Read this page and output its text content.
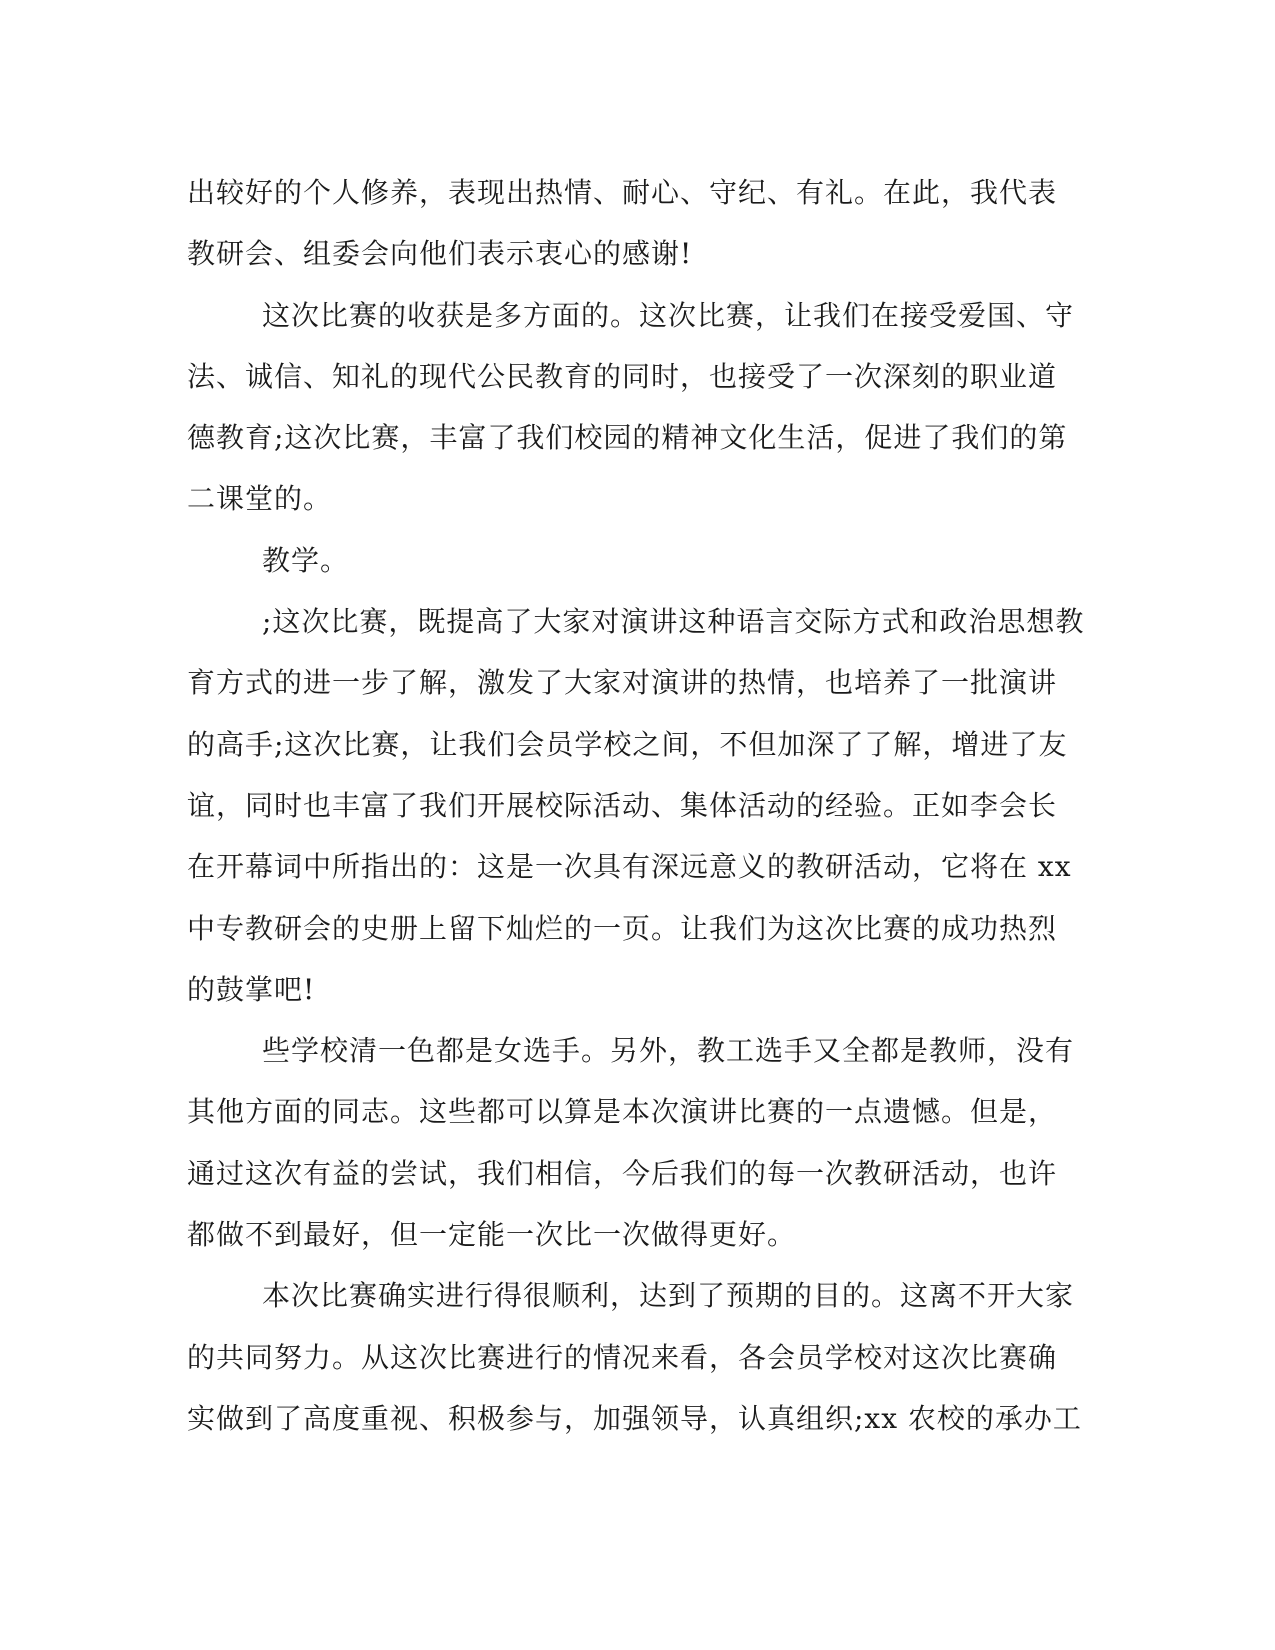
出较好的个人修养，表现出热情、耐心、守纪、有礼。在此，我代表
教研会、组委会向他们表示衷心的感谢!
这次比赛的收获是多方面的。这次比赛，让我们在接受爱国、守
法、诚信、知礼的现代公民教育的同时，也接受了一次深刻的职业道
德教育;这次比赛，丰富了我们校园的精神文化生活，促进了我们的第
二课堂的。
教学。
;这次比赛，既提高了大家对演讲这种语言交际方式和政治思想教
育方式的进一步了解，激发了大家对演讲的热情，也培养了一批演讲
的高手;这次比赛，让我们会员学校之间，不但加深了了解，增进了友
谊，同时也丰富了我们开展校际活动、集体活动的经验。正如李会长
在开幕词中所指出的：这是一次具有深远意义的教研活动，它将在 xx
中专教研会的史册上留下灿烂的一页。让我们为这次比赛的成功热烈
的鼓掌吧!
些学校清一色都是女选手。另外，教工选手又全都是教师，没有
其他方面的同志。这些都可以算是本次演讲比赛的一点遗憾。但是，
通过这次有益的尝试，我们相信，今后我们的每一次教研活动，也许
都做不到最好，但一定能一次比一次做得更好。
本次比赛确实进行得很顺利，达到了预期的目的。这离不开大家
的共同努力。从这次比赛进行的情况来看，各会员学校对这次比赛确
实做到了高度重视、积极参与，加强领导，认真组织;xx 农校的承办工
